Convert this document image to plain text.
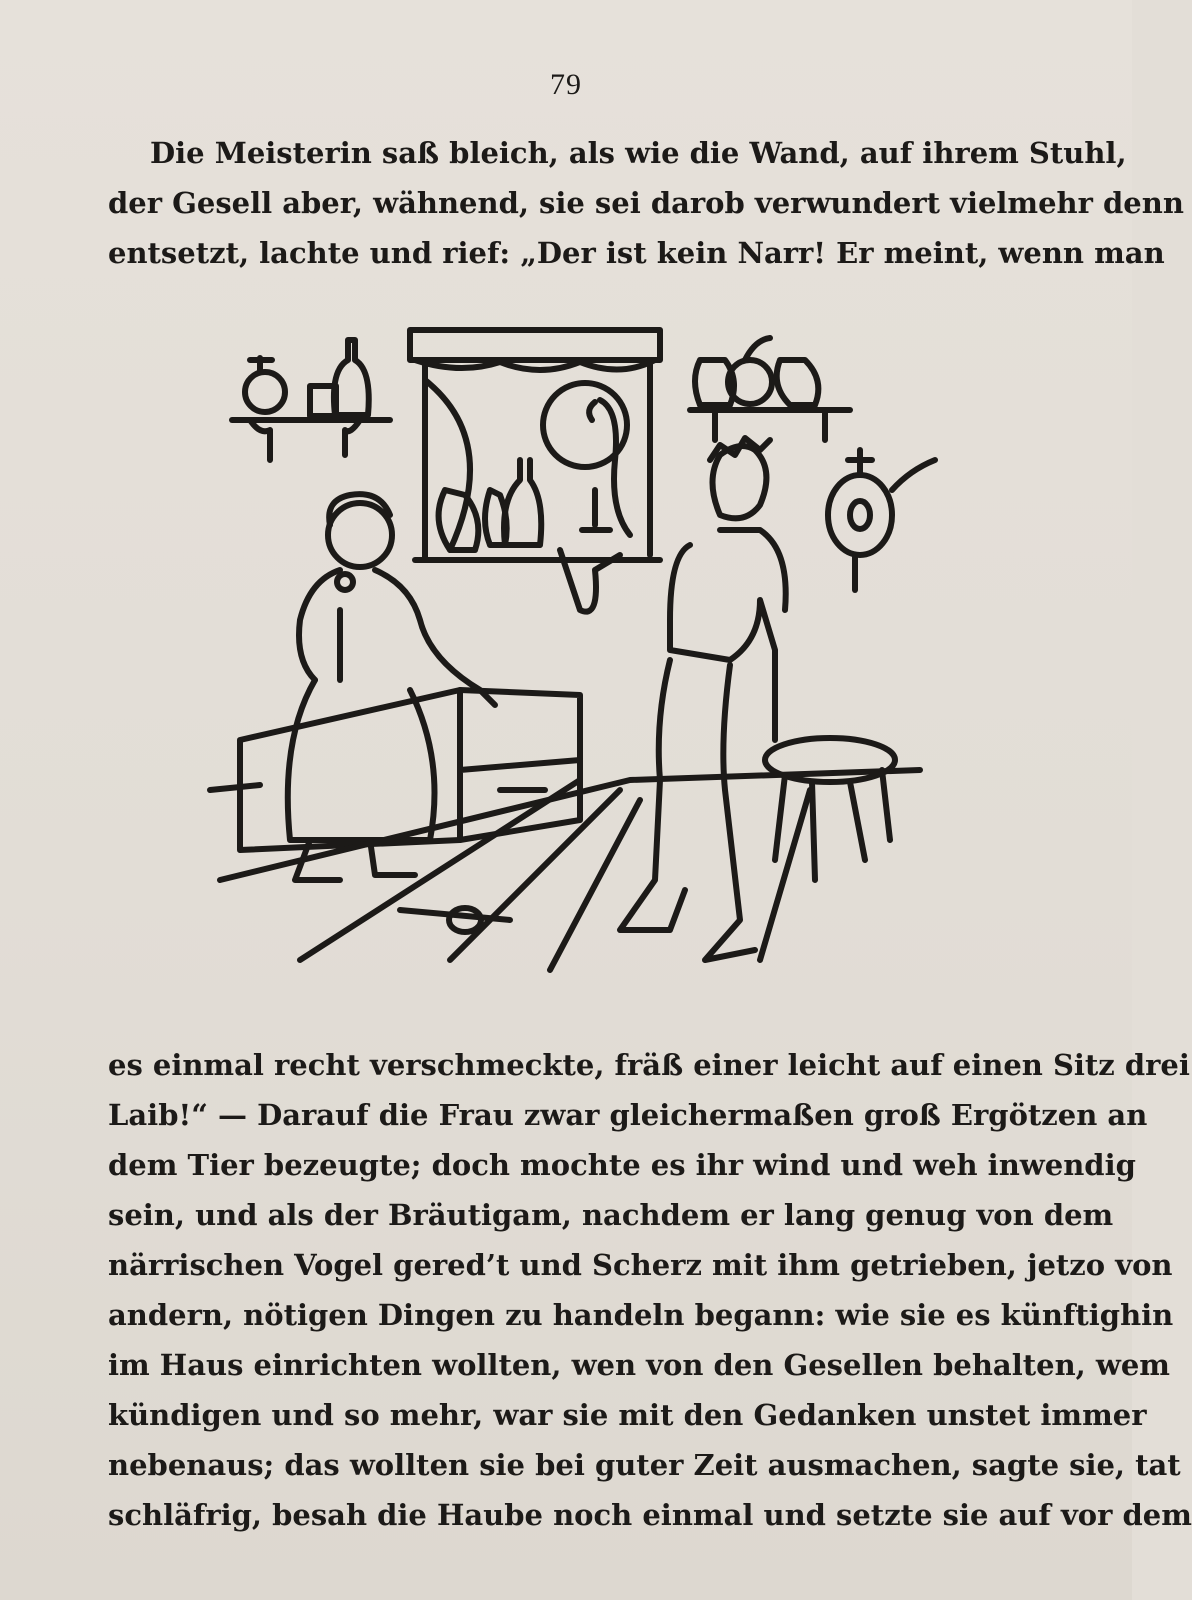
79
Die Meisterin saß bleich, als wie die Wand, auf ihrem Stuhl,
der Gesell aber, wähnend, sie sei darob verwundert vielmehr denn
entsetzt, lachte und rief: „Der ist kein Narr! Er meint, wenn man
es einmal recht verschmeckte, fräß einer leicht auf einen Sitz drei
Laib!“ — Darauf die Frau zwar gleichermaßen groß Ergötzen an
dem Tier bezeugte; doch mochte es ihr wind und weh inwendig
sein, und als der Bräutigam, nachdem er lang genug von dem
närrischen Vogel gered’t und Scherz mit ihm getrieben, jetzo von
andern, nötigen Dingen zu handeln begann: wie sie es künftighin
im Haus einrichten wollten, wen von den Gesellen behalten, wem
kündigen und so mehr, war sie mit den Gedanken unstet immer
nebenaus; das wollten sie bei guter Zeit ausmachen, sagte sie, tat
schläfrig, besah die Haube noch einmal und setzte sie auf vor dem
